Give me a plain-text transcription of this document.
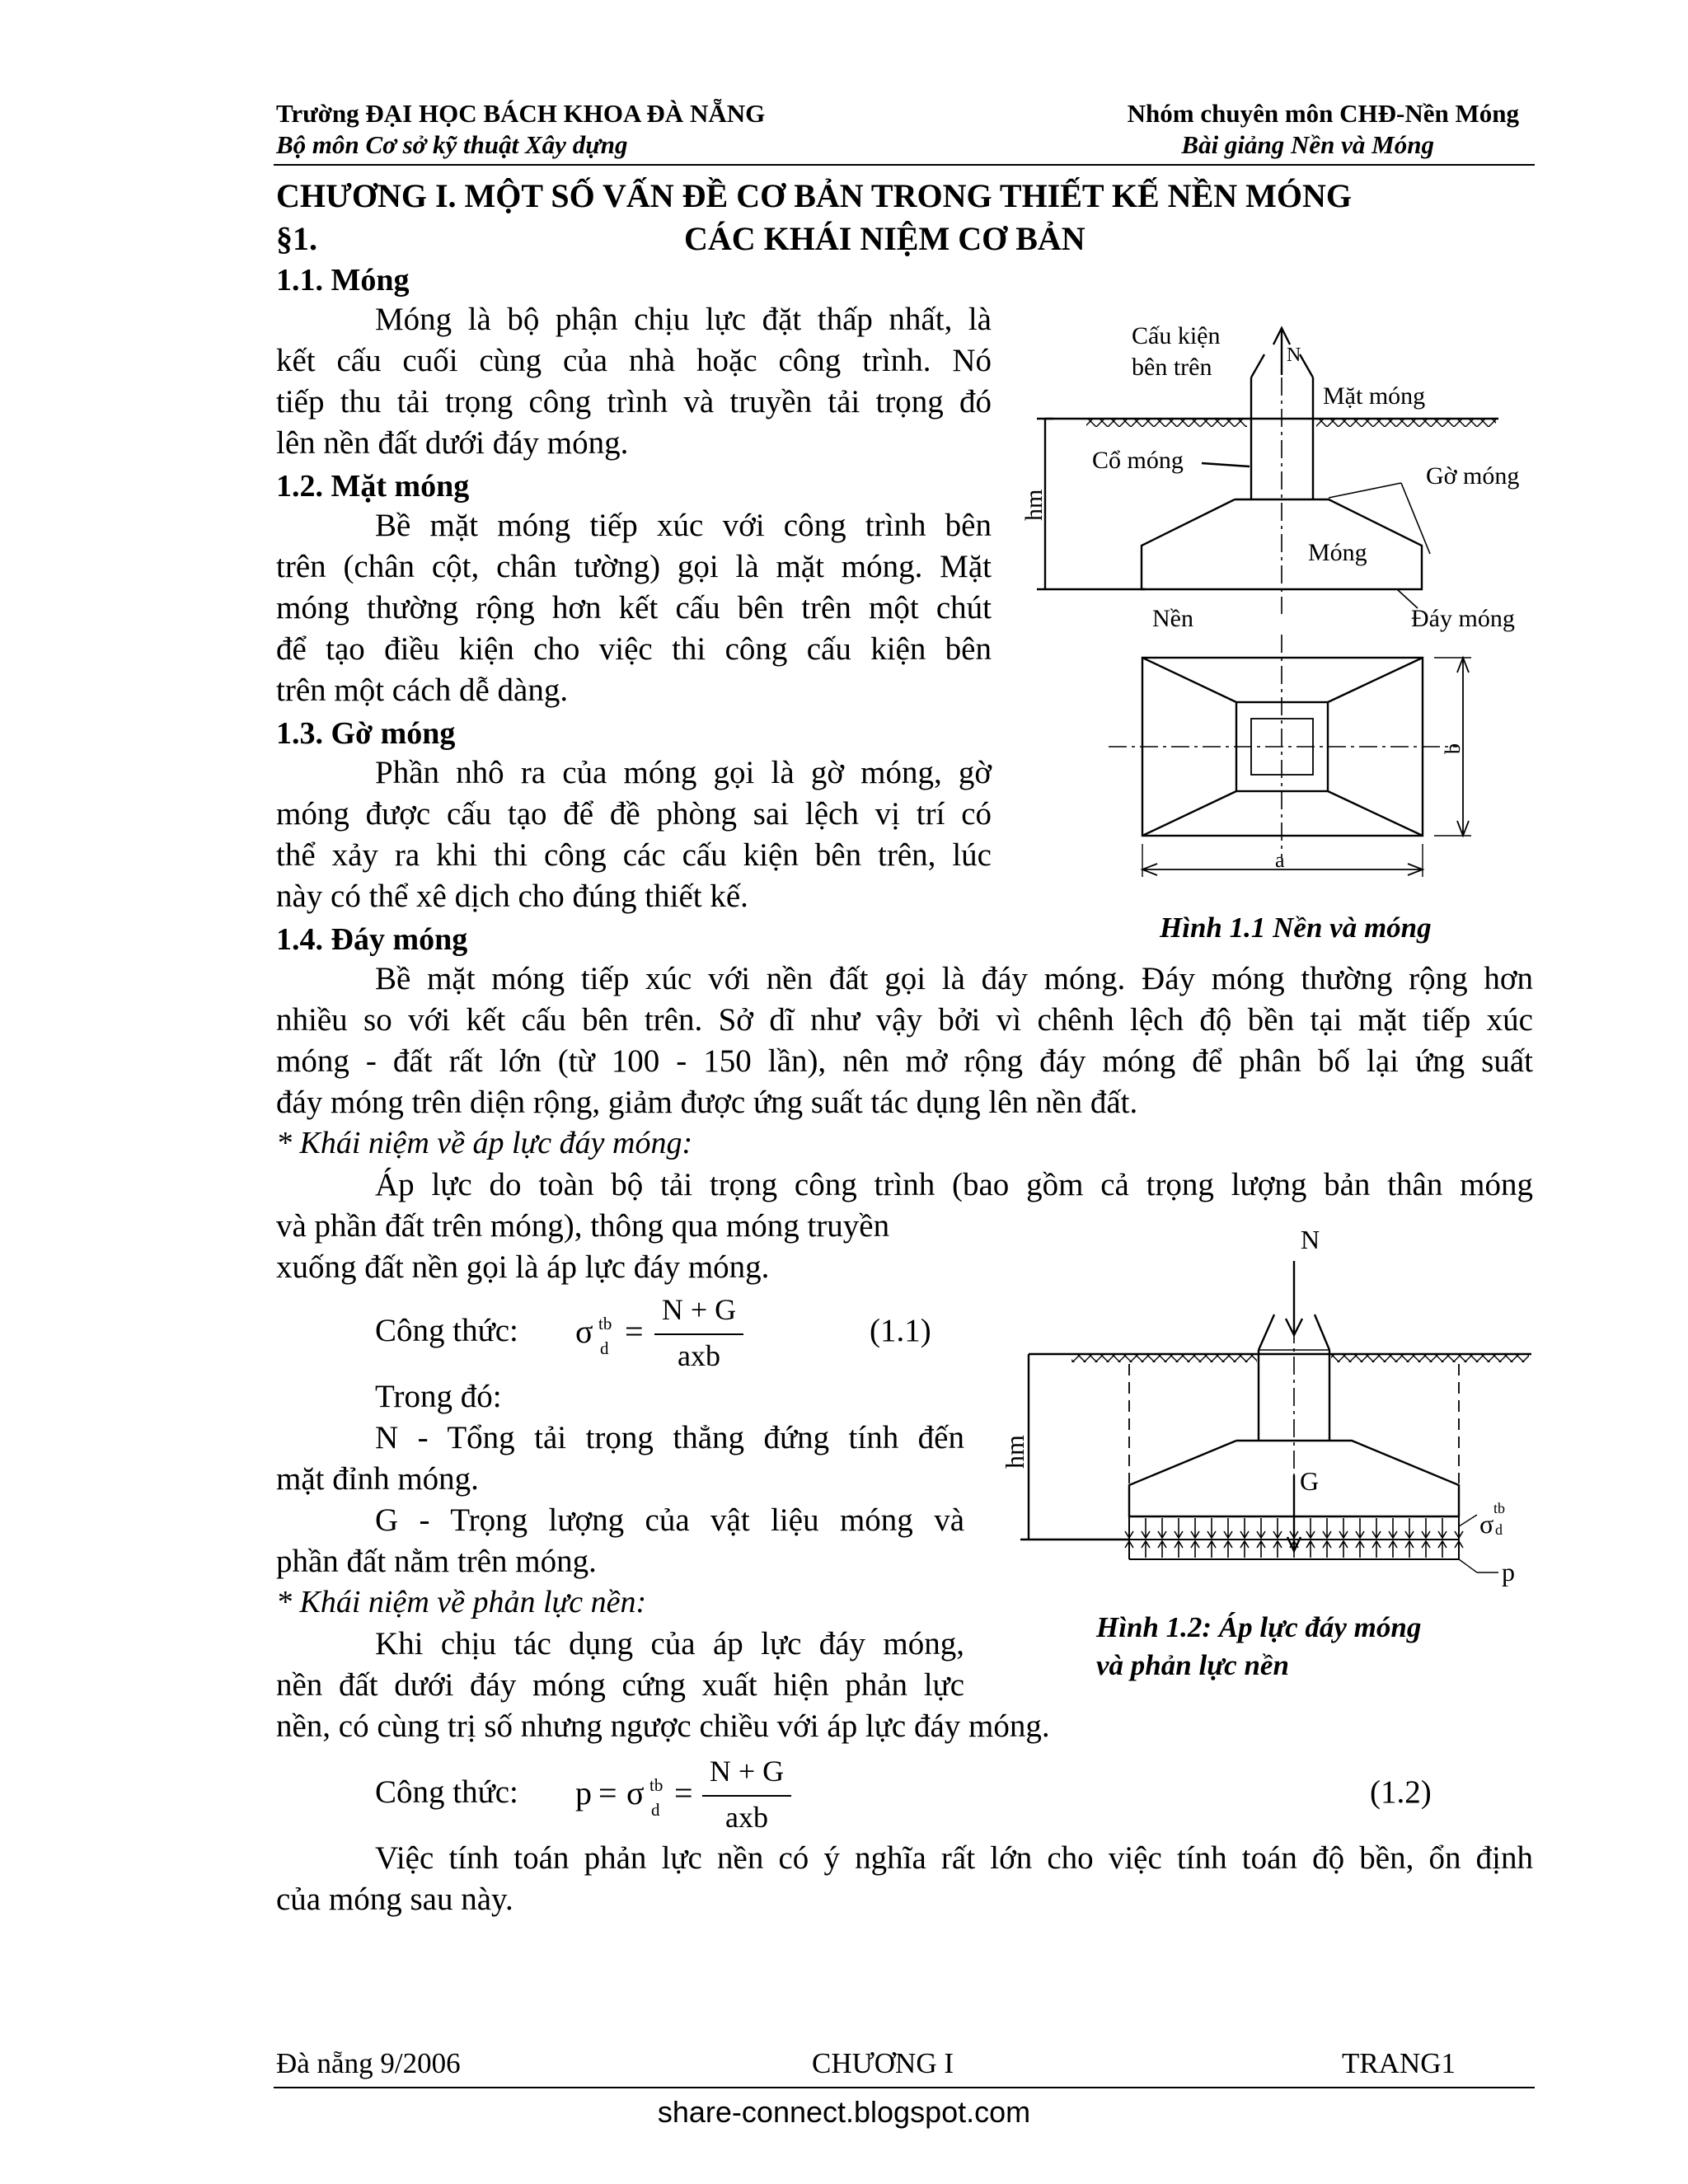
Trường ĐẠI HỌC BÁCH KHOA ĐÀ NẴNG
Bộ môn Cơ sở kỹ thuật Xây dựng
Nhóm chuyên môn CHĐ-Nền Móng
Bài giảng Nền và Móng
CHƯƠNG I. MỘT SỐ VẤN ĐỀ CƠ BẢN TRONG THIẾT KẾ NỀN MÓNG
§1.	CÁC KHÁI NIỆM CƠ BẢN
1.1. Móng
Móng là bộ phận chịu lực đặt thấp nhất, là
kết cấu cuối cùng của nhà hoặc công trình. Nó
tiếp thu tải trọng công trình và truyền tải trọng đó
lên nền đất dưới đáy móng.
1.2. Mặt móng
Bề mặt móng tiếp xúc với công trình bên
trên (chân cột, chân tường) gọi là mặt móng. Mặt
móng thường rộng hơn kết cấu bên trên một chút
để tạo điều kiện cho việc thi công cấu kiện bên
trên một cách dễ dàng.
1.3. Gờ móng
Phần nhô ra của móng gọi là gờ móng, gờ
móng được cấu tạo để đề phòng sai lệch vị trí có
thể xảy ra khi thi công các cấu kiện bên trên, lúc
này có thể xê dịch cho đúng thiết kế.
1.4. Đáy móng
Bề mặt móng tiếp xúc với nền đất gọi là đáy móng. Đáy móng thường rộng hơn
nhiều so với kết cấu bên trên. Sở dĩ như vậy bởi vì chênh lệch độ bền tại mặt tiếp xúc
móng - đất rất lớn (từ 100 - 150 lần), nên mở rộng đáy móng để phân bố lại ứng suất
đáy móng trên diện rộng, giảm được ứng suất tác dụng lên nền đất.
* Khái niệm về áp lực đáy móng:
Áp lực do toàn bộ tải trọng công trình (bao gồm cả trọng lượng bản thân móng
và phần đất trên móng), thông qua móng truyền
xuống đất nền gọi là áp lực đáy móng.
Công thức: σ tb
d =
N + G
axb
(1.1)
Trong đó:
N - Tổng tải trọng thẳng đứng tính đến
mặt đỉnh móng.
G - Trọng lượng của vật liệu móng và
phần đất nằm trên móng.
* Khái niệm về phản lực nền:
Khi chịu tác dụng của áp lực đáy móng,
nền đất dưới đáy móng cứng xuất hiện phản lực
nền, có cùng trị số nhưng ngược chiều với áp lực đáy móng.
Công thức: p = σ tb
d =
N + G
axb
(1.2)
Việc tính toán phản lực nền có ý nghĩa rất lớn cho việc tính toán độ bền, ổn định
của móng sau này.
Cấu kiện
bên trên	N
Mặt móng
Cổ móng
Gờ móng
Móng
Nền	Đáy móng
a
hm
b
Hình 1.1 Nền và móng
N
G
σ
tb
d
p
hm
Hình 1.2: Áp lực đáy móng
và phản lực nền
Đà nẵng 9/2006	CHƯƠNG I	TRANG1
share-connect.blogspot.com
